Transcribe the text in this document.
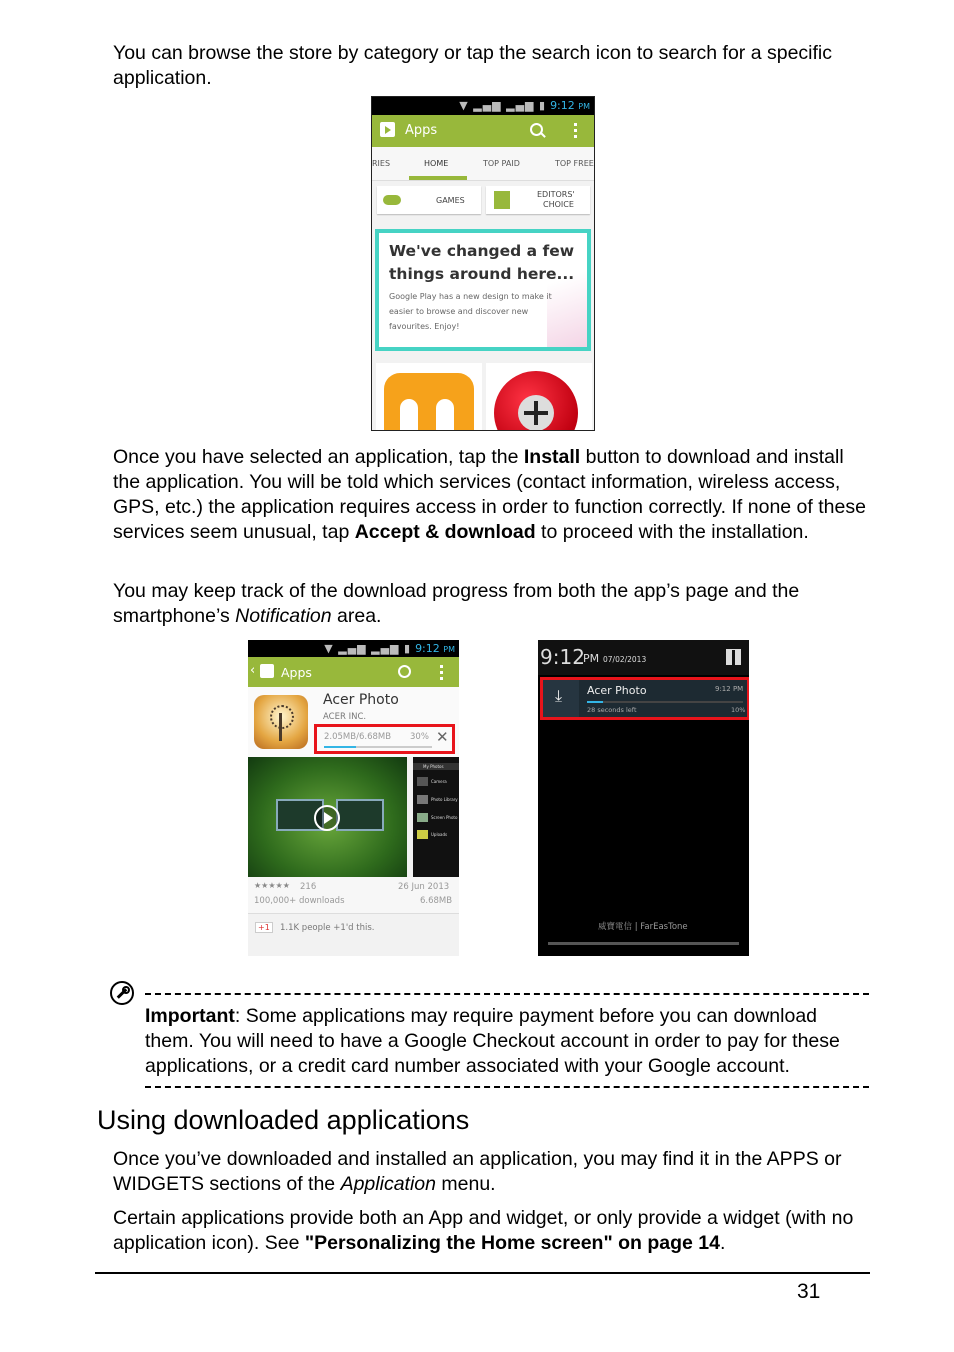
You can browse the store by category or tap the search icon to search for a specific application.

▼ ▂▄▆ ▂▄▆ ▮ 9:12 PM
Apps
RIES	HOME	TOP PAID	TOP FREE
GAMES
EDITORS'
CHOICE

We've changed a few

things around here...

Google Play has a new design to make it

easier to browse and discover new

favourites. Enjoy!

Once you have selected an application, tap the Install button to download and install the application. You will be told which services (contact information, wireless access, GPS, etc.) the application requires access in order to function correctly. If none of these services seem unusual, tap Accept & download to proceed with the installation.

You may keep track of the download progress from both the app’s page and the smartphone’s Notification area.

▼ ▂▄▆ ▂▄▆ ▮ 9:12 PM
‹ Apps
Acer Photo
ACER INC.
2.05MB/6.68MB 30% ✕
My Photos
Camera
Photo Library
Screen Photo
Uploads
★★★★★ 216	26 Jun 2013
100,000+ downloads	6.68MB
+1	1.1K people +1'd this.
9:12
PM 07/02/2013
⤓ Acer Photo	9:12 PM
28 seconds left	10%
威寶電信 | FarEasTone

Important: Some applications may require payment before you can download them. You will need to have a Google Checkout account in order to pay for these applications, or a credit card number associated with your Google account.

Using downloaded applications

Once you’ve downloaded and installed an application, you may find it in the APPS or WIDGETS sections of the Application menu.

Certain applications provide both an App and widget, or only provide a widget (with no application icon). See "Personalizing the Home screen" on page 14.

31
